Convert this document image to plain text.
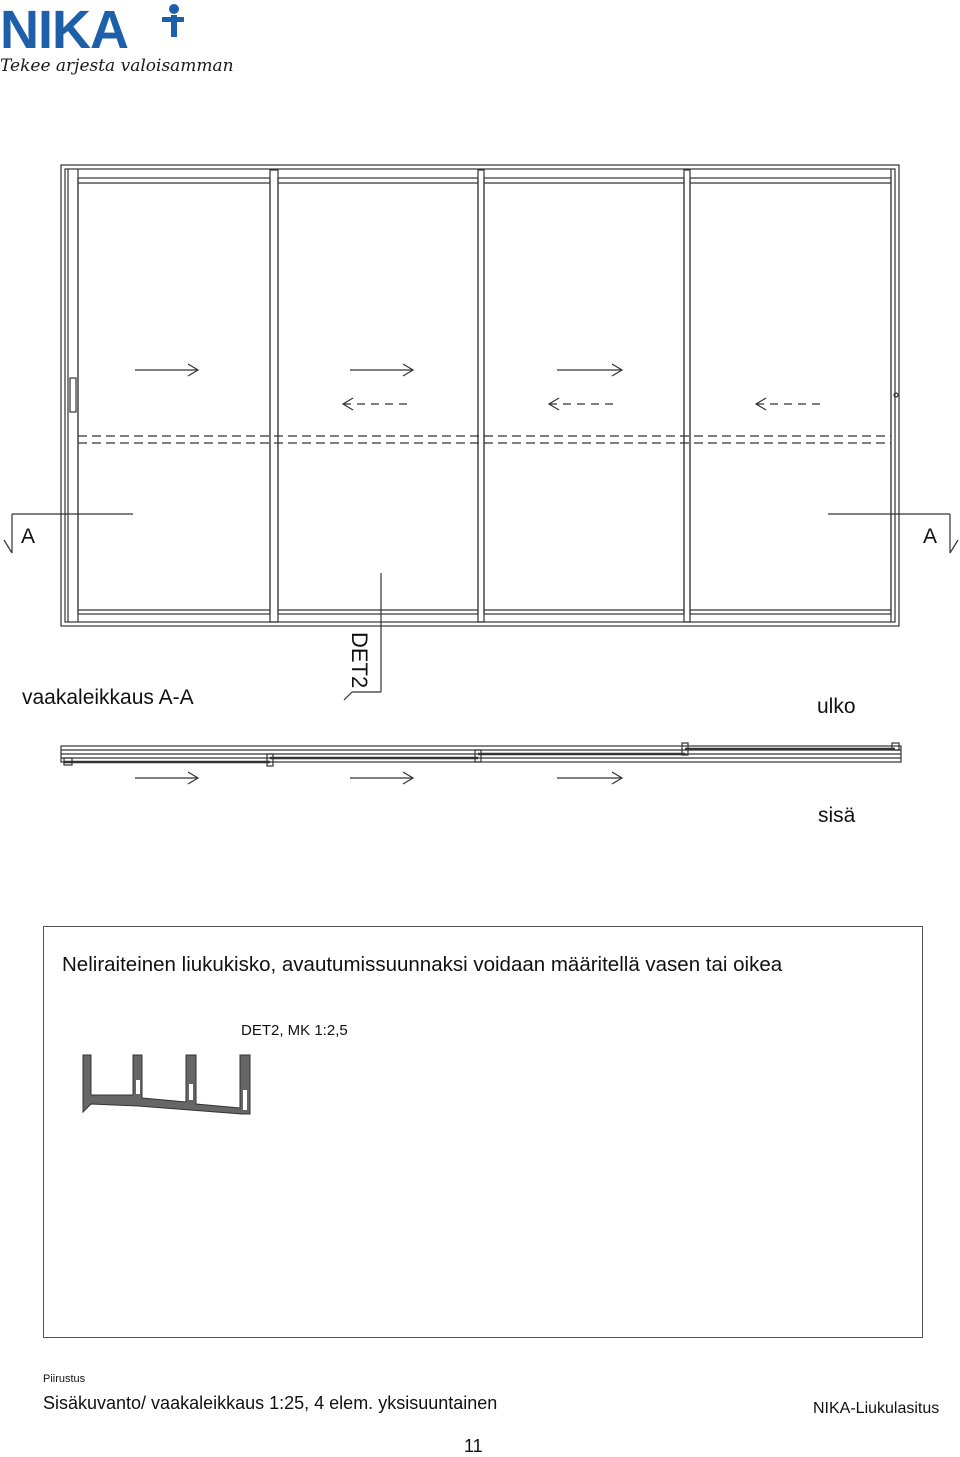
NIKA
Tekee arjesta valoisamman
A	A
DET2
vaakaleikkaus A-A	ulko
sisä
Neliraiteinen liukukisko, avautumissuunnaksi voidaan määritellä vasen tai oikea
DET2, MK 1:2,5
Piirustus
Sisäkuvanto/ vaakaleikkaus 1:25, 4 elem. yksisuuntainen	NIKA-Liukulasitus
11
